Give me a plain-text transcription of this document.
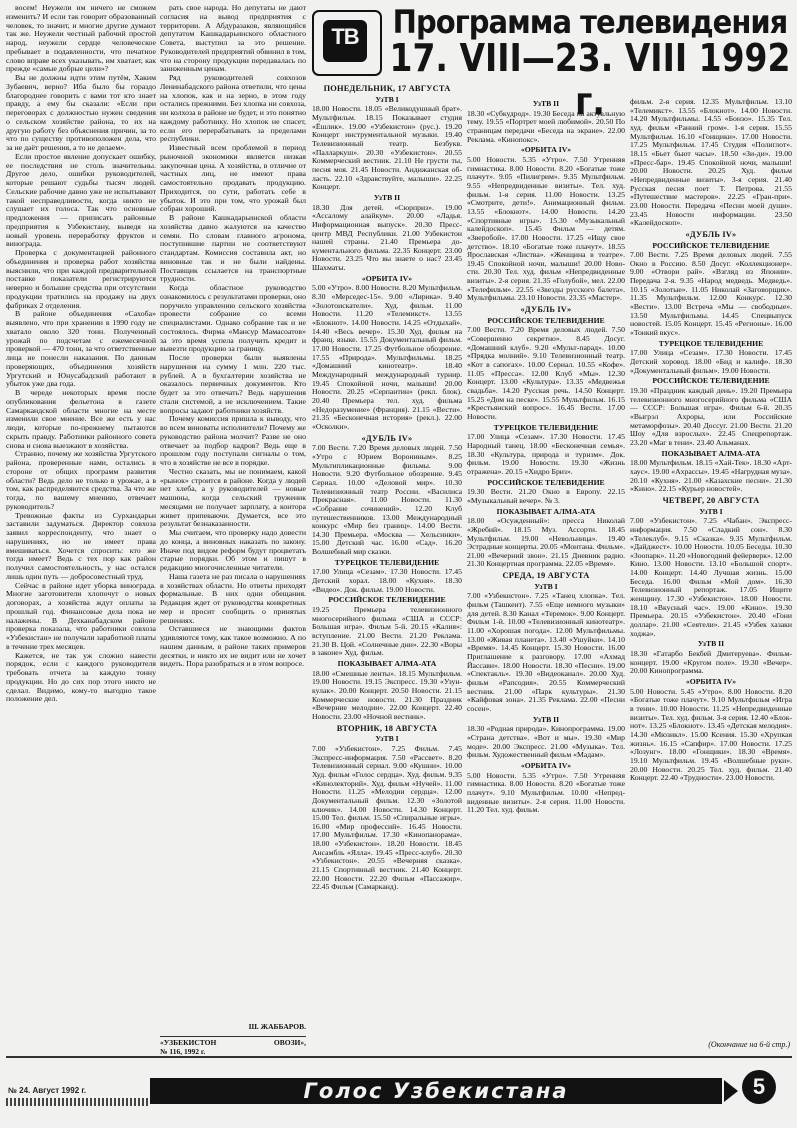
восем! Неужели им ничего не сможем изменить? И если так говорит образованный человек, то значит, и многие другие думают так же. Неужели честный рабочий простой народ, неужели сердце человеческое пребывает в подавленности, что печатное слово вправе всех указывать, им хватает, как прежде «самые добрые цели»?

Вы не должны идти этим путём, Хаким Зубаевич, верно? Иба было бы гораздо благороднее говорить с вами тот кто знает правду, а ему бы сказали: «Если при переговорах с должностью нужен сведения о сельском хозяйстве района, то их на другую работу без объяснения причин, за то что по существу противоположен дела, что за не даёт решения, а то не делаем».

Если простое явление допускает ошибку, ее последствия не столь значительны. Другое дело, ошибки руководителей, которые решают судьбы тысяч людей. Сельские рабочие давно уже не испытывают такой несправедливости, когда никто не слушает их голоса. Так что основные предложения — приписать районные предприятия к Узбекистану, выведя на новый уровень переработку фруктов и винограда.

Проверка с документацией районного объединения и проверка работ хозяйства выяснили, что при каждой предварительной поставке показатели регистрируются неверно и большие средства при отсутствии продукции тратились на продажу на двух фабриках 2 отделения.

В районе объединения «Сахоба» выявлено, что при хранении в 1990 году не хватало около 320 тонн. Полученный урожай по подсчетам с ежемесячной проверкой — 470 тонн, за что ответственные лица не понесли наказания. По данным проверяющих, объединения хозяйств Ургутский и Юнусабадский работают в убыток уже два года.

В череде некоторых время после опубликования фельетона в газете Самаркандской области многие на месте изменили свое мнение. Все же есть у нас люди, которые по-прежнему пытаются скрыть правду. Работники районного совета снова и снова выезжают в хозяйства.

Странно, почему же хозяйства Ургутского района, проверенные нами, остались в стороне от общих программ развития области? Ведь дело не только в урожае, а в том, как распределяются средства. За что же тогда, по вашему мнению, отвечает руководитель?

Тревожные факты из Сурхандарьи заставили задуматься. Директор совхоза заявил корреспонденту, что знает о нарушениях, но не имеет права вмешиваться. Хочется спросить: кто же тогда имеет? Ведь с тех пор как район получил самостоятельность, у нас остался лишь один путь — добросовестный труд.

Сейчас в районе идет уборка винограда. Многие заготовители хлопочут о новых договорах, а хозяйства ждут оплаты за прошлый год. Финансовые дела пока не налажены. В Дехканабадском районе проверка показала, что работники совхоза «Узбекистан» не получали заработной платы в течение трех месяцев.

Кажется, не так уж сложно навести порядок, если с каждого руководителя требовать отчета за каждую тонну продукции. Но до сих пор этого никто не сделал. Видимо, кому-то выгодно такое положение дел.

рать свое народа. Но депутаты не дают согласия на вывод предприятия с территории. А Абдуразаков, являющийся депутатом Кашкадарьинского областного Совета, выступил за это решение. Руководителей предприятий обвинил в том, что на сторону продукции передавалась по заниженным ценам.

Ряд руководителей совхозов Ленинабадского района ответили, что цены на хлопок, как и на зерно, в этом году остались прежними. Без хлопка ни совхоза, ни колхоза в районе не будет, и это понятно каждому работнику. Но хлопок не спасет, если его перерабатывать за пределами республики.

Известный всем проблемой в период рыночной экономики является низкая закупочная цена. А хозяйства, в отличие от частных лиц, не имеют права самостоятельно продавать продукцию. Приходится, по сути, работать себе в убыток. И это при том, что урожай был собран хороший.

В районе Кашкадарьинской области хозяйства давно жалуются на качество семян. По словам главного агронома, поступившие партии не соответствуют стандартам. Комиссия составила акт, но виновные так и не были найдены. Поставщик ссылается на транспортные трудности.

Когда областное руководство ознакомилось с результатами проверки, оно поручило управлению сельского хозяйства провести собрание со всеми специалистами. Однако собрание так и не состоялось. Фирма «Мансур Мамасоатов» за это время успела получить кредит и вывезти продукцию за границу.

После проверки были выявлены нарушения на сумму 1 млн. 220 тыс. рублей. А в бухгалтерии хозяйства не оказалось первичных документов. Кто будет за это отвечать? Ведь нарушения стали системой, а не исключением. Такие вопросы задают работники хозяйств.

Почему комиссия пришла к выводу, что во всем виноваты исполнители? Почему же руководство района молчит? Разве не оно отвечает за подбор кадров? Ведь еще в прошлом году поступали сигналы о том, что в хозяйстве не все в порядке.

Честно сказать, мы не понимаем, какой «рынок» строится в районе. Когда у людей нет хлеба, а у руководителей — новые машины, когда сельский труженик месяцами не получает зарплату, а контора живет припеваючи. Думается, все это результат безнаказанности.

Мы считаем, что проверку надо довести до конца, а виновных наказать по закону. Иначе под видом реформ будут процветать старые порядки. Об этом и пишут в редакцию многочисленные читатели.

Наша газета не раз писала о нарушениях в хозяйствах области. Но ответы приходят формальные. В них одни обещания. Редакция ждет от руководства конкретных мер и просит сообщить о принятых решениях.

Оставшиеся не знающими фактов удивляются тому, как такое возможно. А по нашим данным, в районе таких примеров десятки, и никто их не видит или не хочет видеть. Пора разобраться и в этом вопросе.

Ш. ЖАББАРОВ.
«УЗБЕКИСТОН
№ 116, 1992 г.
ОВОЗИ»,
ТВ Программа телевидения
17. VIII—23. VIII 1992 г.
ПОНЕДЕЛЬНИК, 17 АВГУСТА
УзТВ I
18.00 Новости. 18.05 «Великодушный брат». Мультфильм. 18.15 Показывает студия «Ёшлик». 19.00 «Узбекистон» (рус.). 19.20 Концерт инструментальной музыки. 19.40 Телевизионный театр. Безбукв. «Палларкуш». 20.30 «Узбекистон». 20.55 Коммерческий вестник. 21.10 Не грусти ты, песня моя. 21.45 Новости. Андижанская область. 22.10 «Здравствуйте, малыши». 22.25 Концерт.
УзТВ II
18.30 Для детей. «Сюрприз». 19.00 «Ассалому алайкум». 20.00 «Ладья. Информационная выпуск». 20.30 Пресс-центр МВД Республики. 21.00 Узбекистон нашей страны. 21.40 Премьера документального фильма. 22.35 Концерт. 23.00 Новости. 23.25 Что вы знаете о нас? 23.45 Шахматы.
«ОРБИТА IV»
5.00 «Утро». 8.00 Новости. 8.20 Мультфильм. 8.30 «Мерседес-15». 9.00 «Лирика». 9.40 «Золотоискатели». Худ. фильм. 11.00 Новости. 11.20 «Телемикст». 13.55 «Блокнот». 14.00 Новости. 14.25 «Отдыхай». 14.40 «Весь вечер». 15.30 Худ. фильм на франц. языке. 15.55 Документальный фильм. 17.00 Новости. 17.25 Футбольное обозрение. 17.55 «Природа». Мультфильмы. 18.25 «Домашний кинотеатр». 18.40 Международный международный турнир. 19.45 Спокойной ночи, малыши! 20.00 Новости. 20.25 «Серпантин» (рекл. блок). 20.40 Премьера тел. худ. фильма «Недоразумение» (Франция). 21.15 «Вести». 21.35 «Бесконечная история» (рекл.). 22.00 «Осколки».
«ДУБЛЬ IV»
7.00 Вести. 7.20 Время деловых людей. 7.50 «Утро с Юрием Ворониным». 8.25 Мультипликационные фильмы. 9.00 Новости. 9.20 Футбольное обозрение. 9.45 Сериал. 10.00 «Деловой мир». 10.30 Телевизионный театр России. «Василиса Прекрасная». 11.00 Новости. 11.30 «Собрание сочинений». 12.20 Клуб путешественников. 13.00 Международный конкурс «Мир без границ». 14.00 Вести. 14.30 Премьера. «Москва — Хельсинки». 15.00 Детский час. 16.00 «Сад». 16.20 Волшебный мир сказки.
ТУРЕЦКОЕ ТЕЛЕВИДЕНИЕ
17.00 Улица «Сезам». 17.30 Новости. 17.45 Детский хорал. 18.00 «Кухня». 18.30 «Видео». Док. фильм. 19.00 Новости.
РОССИЙСКОЕ ТЕЛЕВИДЕНИЕ
19.25 Премьера телевизионного многосерийного фильма «США и СССР: Большая игра». Фильм 5-й. 20.15 «Калия»: вступление. 21.00 Вести. 21.20 Реклама. 21.30 В. Цой. «Солнечные дни». 22.30 «Воры в законе» Худ. фильм.
ПОКАЗЫВАЕТ АЛМА-АТА
18.00 «Смешные ленты». 18.15 Мультфильм. 19.00 Новости. 19.15 Экспресс. 19.30 «Узун-кулак». 20.00 Концерт. 20.50 Новости. 21.15 Коммерческие новости. 21.30 Праздник «Вечерние мелодии». 22.00 Концерт. 22.40 Новости. 23.00 «Ночной вестник».
ВТОРНИК, 18 АВГУСТА
УзТВ I
7.00 «Узбекистон». 7.25 Фильм. 7.45 Экспресс-информация. 7.50 «Рассвет». 8.20 Телевизионный сериал. 9.00 «Кушни». 10.00 Худ. фильм «Голос сердца». Худ. фильм. 9.35 «Кинолекторий». Худ. фильм «Нучей». 11.00 Новости. 11.25 «Мелодии сердца». 12.00 Документальный фильм. 12.30 «Золотой ключик». 14.00 Новости. 14.30 Концерт. 15.00 Тел. фильм. 15.50 «Спиральные игры». 16.00 «Мир профессий». 16.45 Новости. 17.00 Мультфильм. 17.30 «Кинопанорама». 18.00 «Узбекистон». 18.20 Новости. 18.45 Ансамбль «Ялла». 19.45 «Пресс-клуб». 20.30 «Узбекистон». 20.55 «Вечерняя сказка». 21.15 Спортивный вестник. 21.40 Концерт. 22.00 Новости. 22.20 Фильм «Пассажир». 22.45 Фильм (Самарканд).
УзТВ II
18.30 «Субкудрод». 19.30 Беседа на актуальную тему. 19.55 «Портрет моей любимой». 20.50 По страницам передачи «Беседа на экране». 22.00 Реклама. «Кинопокс».
«ОРБИТА IV»
5.00 Новости. 5.35 «Утро». 7.50 Утренняя гимнастика. 8.00 Новости. 8.20 «Богатые тоже плачут». 9.05 «Пилигрим». 9.35 Мультфильм. 9.55 «Непредвиденные визиты». Тел. худ. фильм. 1-я серия. 11.00 Новости. 13.25 «Смотрите, дети!». Анимационный фильм. 13.55 «Блокнот». 14.00 Новости. 14.20 «Спортивные игры». 15.30 «Музыкальный калейдоскоп». 15.45 Фильм — детям. «Зверобой». 17.00 Новости. 17.25 «Ищу свое детство». 18.10 «Богатые тоже плачут». 18.55 Ярославская «Листва». «Женщина в театре». 19.45 Спокойной ночи, малыши! 20.00 Новости. 20.30 Тел. худ. фильм «Непредвиденные визиты». 2-я серия. 21.35 «Голубой», мел. 22.00 «Телефильм». 22.55 «Звезды русского балета». Мультфильмы. 23.10 Новости. 23.35 «Мастер».
«ДУБЛЬ IV»
РОССИЙСКОЕ ТЕЛЕВИДЕНИЕ
7.00 Вести. 7.20 Время деловых людей. 7.50 «Совершенно секретно». 8.45 Досуг. «Домашний клуб». 9.20 «Мульт-парад». 10.00 «Прядка молний». 9.10 Телевизионный театр. «Кот в сапогах». 10.00 Сериал. 10.55 «Кофе». 11.05 «Пресса». 12.00 Клуб «Мы». 12.30 Концерт. 13.00 «Культура». 13.35 «Медвежья свадьба». 14.20 Русская речь. 14.50 Концерт. 15.25 «Дом на песке». 15.55 Мультфильм. 16.15 «Крестьянский вопрос». 16.45 Вести. 17.00 Новости.
ТУРЕЦКОЕ ТЕЛЕВИДЕНИЕ
17.00 Улица «Сезам». 17.30 Новости. 17.45 Народный танец. 18.00 «Бесконечная семья». 18.30 «Культура, природа и туризм». Док. фильм. 19.00 Новости. 19.30 «Жизнь отражена». 20.15 «Хидро Бриз».
РОССИЙСКОЕ ТЕЛЕВИДЕНИЕ
19.30 Вести. 21.20 Окно в Европу. 22.15 «Музыкальный вечер». № 3.
ПОКАЗЫВАЕТ АЛМА-АТА
18.00 «Осужденный»: пресса Николай «Жребий». 18.15 Муз. Ассорти. 18.45 Мультфильм. 19.00 «Невольница». 19.40 Эстрадные концерты. 20.05 «Монтана. Фильм». 21.00 «Вечерний звон». 21.15 Дневник радио. 21.30 Концертная программа. 22.05 «Время».
СРЕДА, 19 АВГУСТА
УзТВ I
7.00 «Узбекистон». 7.25 «Танец хлопка». Тел. фильм (Ташкент). 7.55 «Еще немного музыки» для детей. 8.30 Канал «Теремок». 9.00 Концерт. Фильм 1-й. 10.00 «Телевизионный кинотеатр». 11.00 «Хорошая погода». 12.00 Мультфильмы. 13.00 «Живая планета». 13.40 «Ушуйки». 14.10 «Время». 14.45 Концерт. 15.30 Новости. 16.00 Приглашение к разговору. 17.00 «Ахмад Йассави». 18.00 Новости. 18.30 «Песни». 19.00 «Спектакль». 19.30 «Видеоканал». 20.00 Худ. фильм «Рапсодия». 20.55 Коммерческий вестник. 21.00 «Парк культуры». 21.30 «Кайфовая зона». 21.35 Реклама. 22.00 «Песни сосен».
УзТВ II
18.30 «Родная природа». Кинопрограмма. 19.00 «Страна детства». «Вот и мы». 19.30 «Мир моде». 20.00 Экспресс. 21.00 «Музыка». Тел. фильм. Художественный фильм «Мадам».
«ОРБИТА IV»
5.00 Новости. 5.35 «Утро». 7.50 Утренняя гимнастика. 8.00 Новости. 8.20 «Богатые тоже плачут». 9.10 Мультфильм. 10.00 «Непредвиденные визиты». 2-я серия. 11.00 Новости. 11.20 Тел. худ. фильм.
фильм. 2-я серия. 12.35 Мультфильм. 13.10 «Телемикст». 13.55 «Блокнот». 14.00 Новости. 14.20 Мультфильмы. 14.55 «Бонзо». 15.35 Тел. худ. фильм «Ранний гром». 1-я серия. 15.55 Мультфильм. 16.10 «Гонщики». 17.00 Новости. 17.25 Мультфильм. 17.45 Студия «Полиглот». 18.15 «Бьет бьют часы». 18.50 «Зи-ди». 19.00 «Пресс-бар». 19.45 Спокойной ночи, малыши! 20.00 Новости. 20.25 Худ. фильм «Непредвиденные визиты». 3-я серия. 21.40 Русская песня поет Т. Петрова. 21.55 «Путешествие мастеров». 22.25 «Гран-при». 23.00 Новости. Передача «Песни моей души». 23.45 Новости информации. 23.50 «Калейдоскоп».
«ДУБЛЬ IV»
РОССИЙСКОЕ ТЕЛЕВИДЕНИЕ
7.00 Вести. 7.25 Время деловых людей. 7.55 Окно в Россию. 8.50 Досуг. «Коллекционер». 9.00 «Отвори рай». «Взгляд из Японии». Передача 2-я. 9.35 «Народ медведь. Медведь». 10.15 «Золотые». 11.05 Николай «Заговорщик». 11.35 Мультфильм. 12.00 Конкурс. 12.30 «Вести». 13.00 Встреча «Мы — свободные». 13.50 Мультфильмы. 14.45 Спецвыпуск новостей. 15.05 Концерт. 15.45 «Регионы». 16.00 «Тонкий вкус».
ТУРЕЦКОЕ ТЕЛЕВИДЕНИЕ
17.00 Улица «Сезам». 17.30 Новости. 17.45 Детский хоровод. 18.00 «Бид и калиф». 18.30 «Документальный фильм». 19.00 Новости.
РОССИЙСКОЕ ТЕЛЕВИДЕНИЕ
19.30 «Праздник каждый день». 19.20 Премьера телевизионного многосерийного фильма «США — СССР: Большая игра». Фильм 6-й. 20.35 «Выгрэл Ахроры, или Российские метаморфозы». 20.40 Доссуг. 21.00 Вести. 21.20 Шоу «Для взрослых». 22.45 Спецрепортаж. 23.20 «Маг в тени». 23.40 Альманах.
ПОКАЗЫВАЕТ АЛМА-АТА
18.00 Мультфильм. 18.15 «Хай-Тек». 18.30 «Арт-хаус». 19.00 «Ахрассы». 19.45 «Нагрудная муза». 20.10 «Кухня». 21.00 «Казахские песни». 21.30 «Кино». 22.15 «Курьер новостей».
ЧЕТВЕРГ, 20 АВГУСТА
УзТВ I
7.00 «Узбекистон». 7.25 «Чабан». Экспресс-информация. 7.50 «Сладкий сон». 8.30 «Телеклуб». 9.15 «Сказка». 9.35 Мультфильм. «Дайджест». 10.00 Новости. 10.05 Беседы. 10.30 «Зоопарк». 11.20 «Новогодний фейерверк». 12.00 Кино. 13.00 Новости. 13.10 «Большой спорт». 14.00 Концерт. 14.40 Лучшая жизнь. 15.00 Беседа. 16.00 Фильм «Мой дом». 16.30 Телевизионный репортаж. 17.05 Ищите женщину. 17.30 «Узбекистон». 18.00 Новости. 18.10 «Вкусный час». 19.00 «Кино». 19.30 Премьера. 20.15 «Узбекистон». 20.40 «Гони доллар». 21.00 «Сеятели». 21.45 «Узбек хазаки ходжа».
УзТВ II
18.30 «Гатарбо Бекбей Дмитеруева». Фильм-концерт. 19.00 «Кругом поле». 19.30 «Вечер». 20.00 Кинопрограмма.
«ОРБИТА IV»
5.00 Новости. 5.45 «Утро». 8.00 Новости. 8.20 «Богатые тоже плачут». 9.10 Мультфильм «Игра в тени». 10.00 Новости. 11.25 «Непредвиденные визиты». Тел. худ. фильм. 3-я серия. 12.40 «Блокнот». 13.25 «Блокнот». 13.45 «Детская мелодия». 14.30 «Мюзикл». 15.00 Ксения. 15.30 «Хрупкая жизнь». 16.15 «Сапфир». 17.00 Новости. 17.25 «Лозунг». 18.00 «Гонщики». 18.30 «Время». 19.10 Мультфильм. 19.45 «Волшебные руки». 20.00 Новости. 20.25 Тел. худ. фильм. 21.40 Концерт. 22.40 «Трудности». 23.00 Новости.
(Окончание на 6-й стр.)
№ 24. Август 1992 г.	Голос Узбекистана	5
